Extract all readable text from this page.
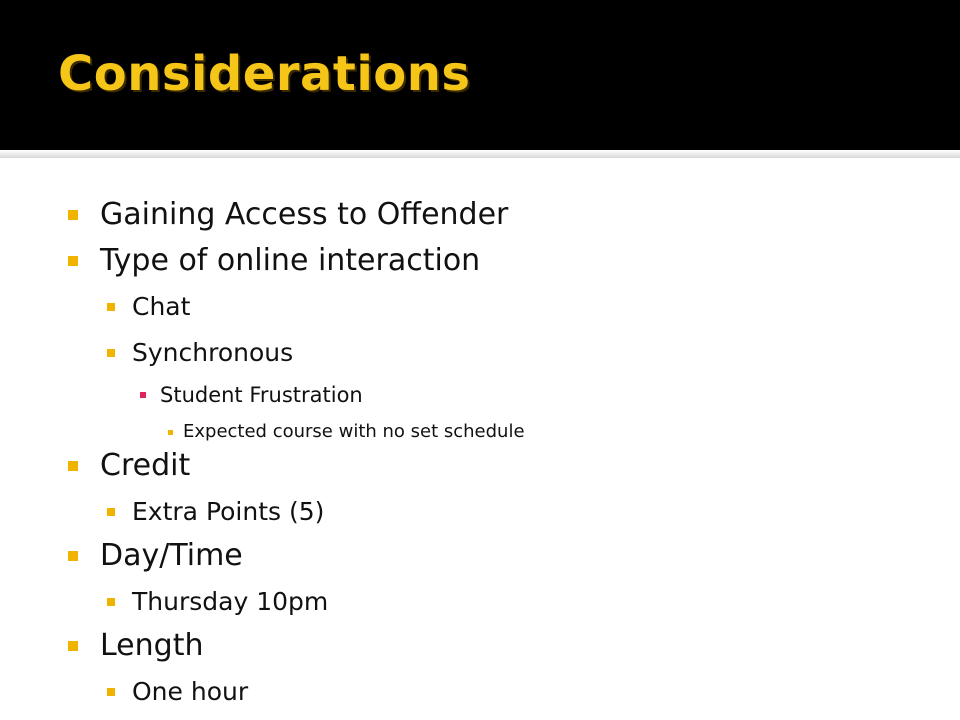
Considerations
Gaining Access to Offender
Type of online interaction
Chat
Synchronous
Student Frustration
Expected course with no set schedule
Credit
Extra Points (5)
Day/Time
Thursday 10pm
Length
One hour
